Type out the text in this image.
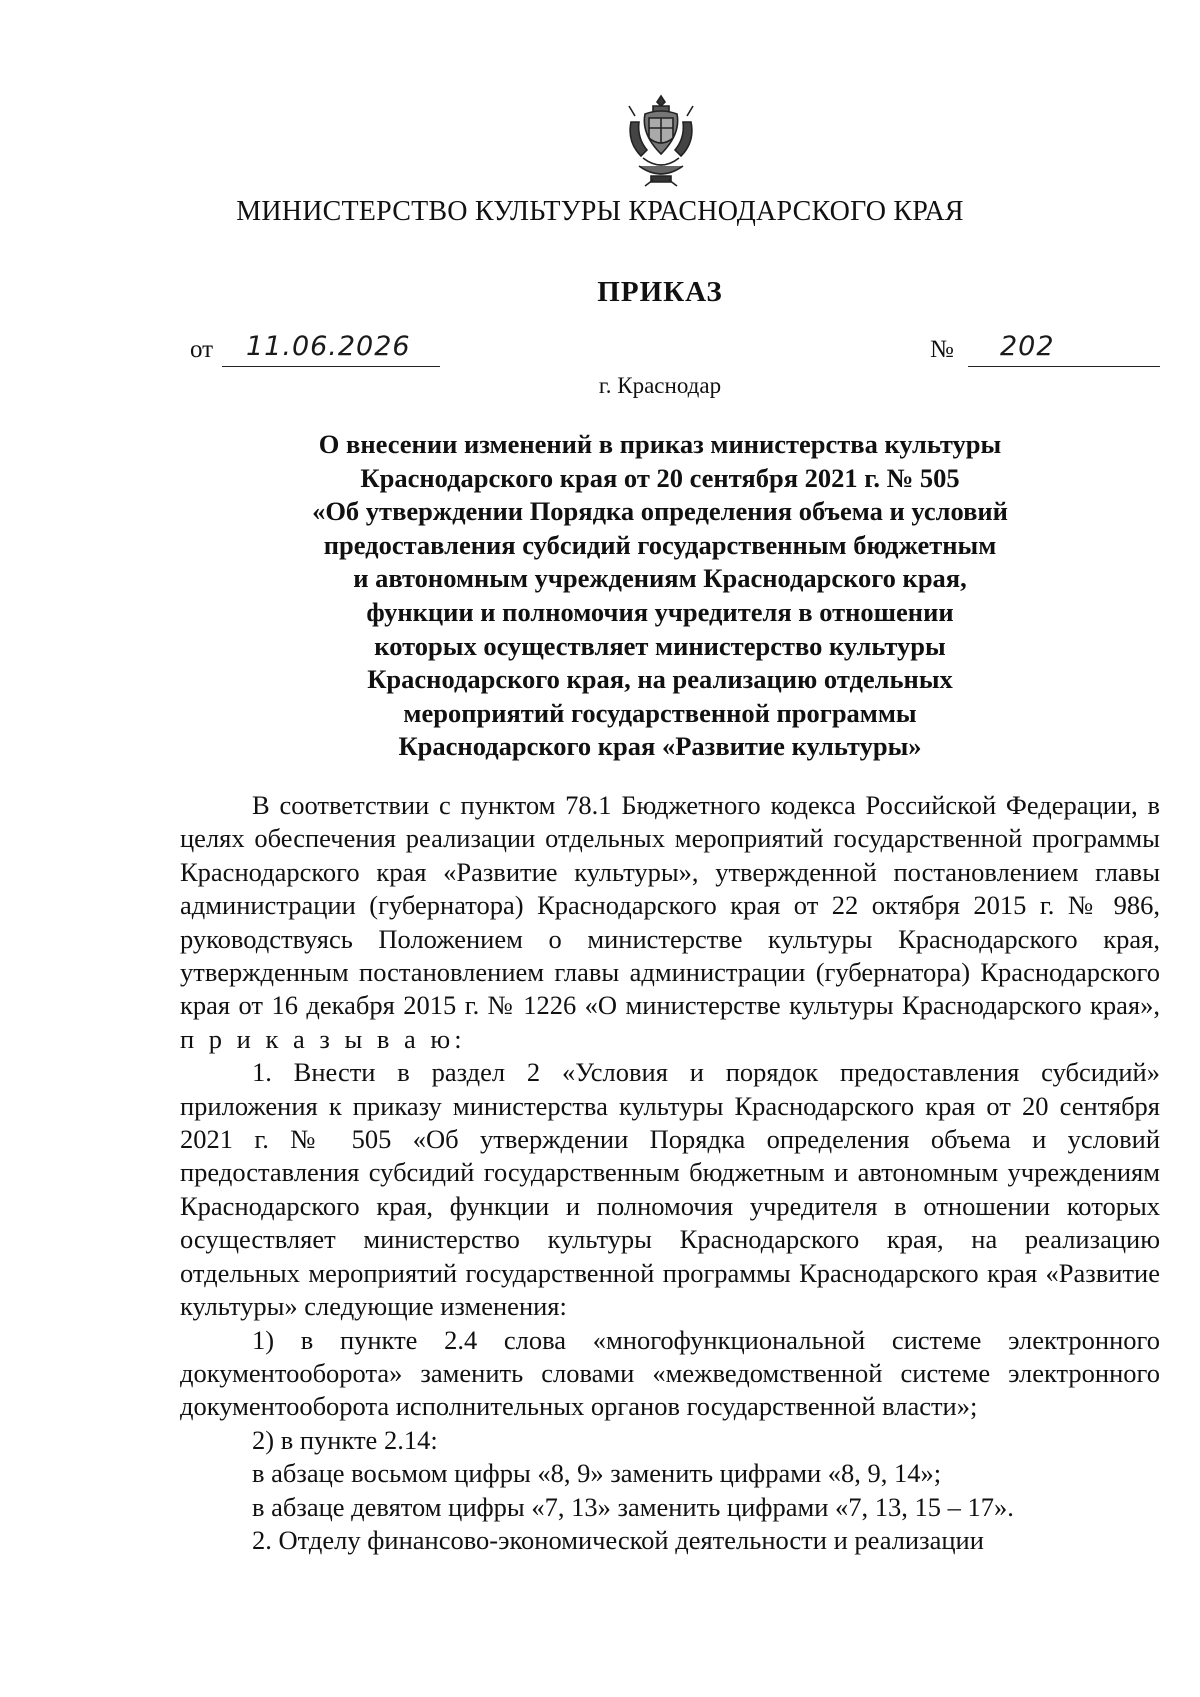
МИНИСТЕРСТВО КУЛЬТУРЫ КРАСНОДАРСКОГО КРАЯ
ПРИКАЗ
от 11.06.2026	№ 202
г. Краснодар
О внесении изменений в приказ министерства культуры
Краснодарского края от 20 сентября 2021 г. № 505
«Об утверждении Порядка определения объема и условий
предоставления субсидий государственным бюджетным
и автономным учреждениям Краснодарского края,
функции и полномочия учредителя в отношении
которых осуществляет министерство культуры
Краснодарского края, на реализацию отдельных
мероприятий государственной программы
Краснодарского края «Развитие культуры»

В соответствии с пунктом 78.1 Бюджетного кодекса Российской Федерации, в целях обеспечения реализации отдельных мероприятий государственной программы Краснодарского края «Развитие культуры», утвержденной постановлением главы администрации (губернатора) Краснодарского края от 22 октября 2015 г. № 986, руководствуясь Положением о министерстве культуры Краснодарского края, утвержденным постановлением главы администрации (губернатора) Краснодарского края от 16 декабря 2015 г. № 1226 «О министерстве культуры Краснодарского края», п р и к а з ы в а ю:

1. Внести в раздел 2 «Условия и порядок предоставления субсидий» приложения к приказу министерства культуры Краснодарского края от 20 сентября 2021 г. № 505 «Об утверждении Порядка определения объема и условий предоставления субсидий государственным бюджетным и автономным учреждениям Краснодарского края, функции и полномочия учредителя в отношении которых осуществляет министерство культуры Краснодарского края, на реализацию отдельных мероприятий государственной программы Краснодарского края «Развитие культуры» следующие изменения:

1) в пункте 2.4 слова «многофункциональной системе электронного документооборота» заменить словами «межведомственной системе электронного документооборота исполнительных органов государственной власти»;

2) в пункте 2.14:

в абзаце восьмом цифры «8, 9» заменить цифрами «8, 9, 14»;

в абзаце девятом цифры «7, 13» заменить цифрами «7, 13, 15 – 17».

2. Отделу финансово-экономической деятельности и реализации
